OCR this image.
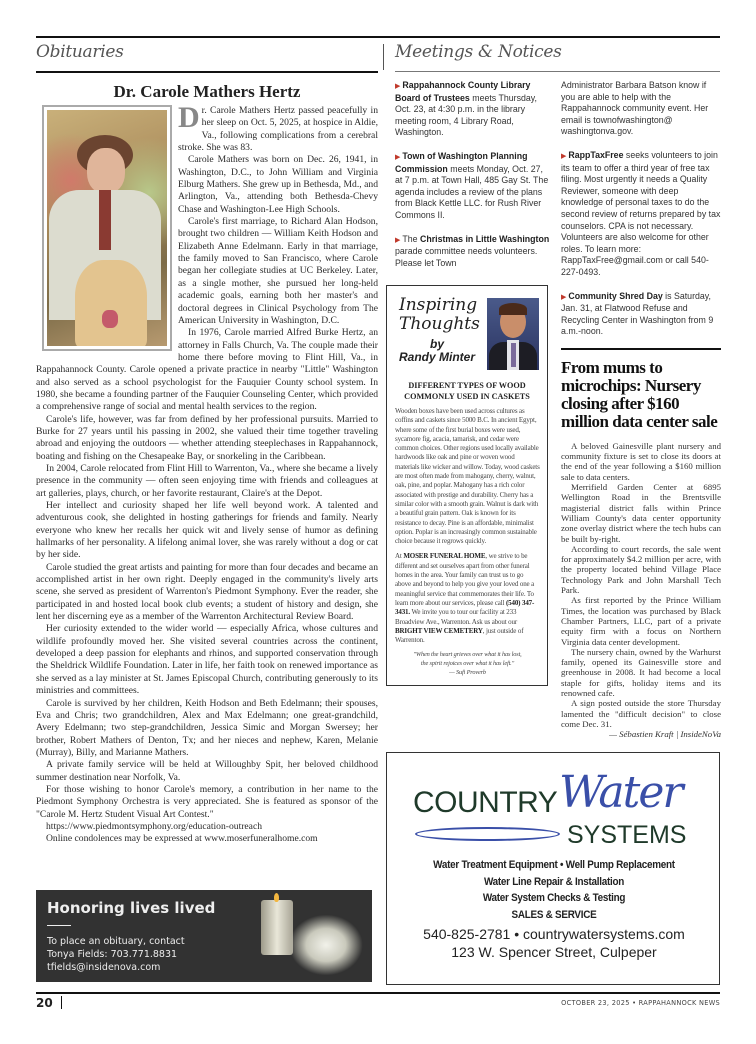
Obituaries
Dr. Carole Mathers Hertz

Dr. Carole Mathers Hertz passed peacefully in her sleep on Oct. 5, 2025, at hospice in Aldie, Va., following complications from a cerebral stroke. She was 83.

Carole Mathers was born on Dec. 26, 1941, in Washington, D.C., to John William and Virginia Elburg Mathers. She grew up in Bethesda, Md., and Arlington, Va., attending both Bethesda-Chevy Chase and Washington-Lee High Schools.

Carole's first marriage, to Richard Alan Hodson, brought two children — William Keith Hodson and Elizabeth Anne Edelmann. Early in that marriage, the family moved to San Francisco, where Carole began her collegiate studies at UC Berkeley. Later, as a single mother, she pursued her long-held academic goals, earning both her master's and doctoral degrees in Clinical Psychology from The American University in Washington, D.C.

In 1976, Carole married Alfred Burke Hertz, an attorney in Falls Church, Va. The couple made their home there before moving to Flint Hill, Va., in Rappahannock County. Carole opened a private practice in nearby "Little" Washington and also served as a school psychologist for the Fauquier County school system. In 1980, she became a founding partner of the Fauquier Counseling Center, which provided a comprehensive range of social and mental health services to the region.

Carole's life, however, was far from defined by her professional pursuits. Married to Burke for 27 years until his passing in 2002, she valued their time together traveling abroad and enjoying the outdoors — whether attending steeplechases in Rappahannock, boating and fishing on the Chesapeake Bay, or snorkeling in the Caribbean.

In 2004, Carole relocated from Flint Hill to Warrenton, Va., where she became a lively presence in the community — often seen enjoying time with friends and colleagues at art galleries, plays, church, or her favorite restaurant, Claire's at the Depot.

Her intellect and curiosity shaped her life well beyond work. A talented and adventurous cook, she delighted in hosting gatherings for friends and family. Nearly everyone who knew her recalls her quick wit and lively sense of humor as defining hallmarks of her personality. A lifelong animal lover, she was rarely without a dog or cat by her side.

Carole studied the great artists and painting for more than four decades and became an accomplished artist in her own right. Deeply engaged in the community's lively arts scene, she served as president of Warrenton's Piedmont Symphony. Ever the reader, she participated in and hosted local book club events; a student of history and design, she lent her discerning eye as a member of the Warrenton Architectural Review Board.

Her curiosity extended to the wider world — especially Africa, whose cultures and wildlife profoundly moved her. She visited several countries across the continent, developed a deep passion for elephants and rhinos, and supported conservation through the Sheldrick Wildlife Foundation. Later in life, her faith took on renewed importance as she served as a lay minister at St. James Episcopal Church, contributing generously to its ministries and committees.

Carole is survived by her children, Keith Hodson and Beth Edelmann; their spouses, Eva and Chris; two grandchildren, Alex and Max Edelmann; one great-grandchild, Avery Edelmann; two step-grandchildren, Jessica Simic and Morgan Swersey; her brother, Robert Mathers of Denton, Tx; and her nieces and nephew, Karen, Melanie (Murray), Billy, and Marianne Mathers.

A private family service will be held at Willoughby Spit, her beloved childhood summer destination near Norfolk, Va.

For those wishing to honor Carole's memory, a contribution in her name to the Piedmont Symphony Orchestra is very appreciated. She is featured as sponsor of the "Carole M. Hertz Student Visual Art Contest."

https://www.piedmontsymphony.org/education-outreach

Online condolences may be expressed at www.moserfuneralhome.com

Honoring lives lived
To place an obituary, contact
Tonya Fields: 703.771.8831
tfields@insidenova.com
Meetings & Notices
▶ Rappahannock County Library Board of Trustees meets Thursday, Oct. 23, at 4:30 p.m. in the library meeting room, 4 Library Road, Washington.
▶ Town of Washington Planning Commission meets Monday, Oct. 27, at 7 p.m. at Town Hall, 485 Gay St. The agenda includes a review of the plans from Black Kettle LLC. for Rush River Commons II.
▶ The Christmas in Little Washington parade committee needs volunteers. Please let Town
Administrator Barbara Batson know if you are able to help with the Rappahannock community event. Her email is townofwashington@ washingtonva.gov.
▶ RappTaxFree seeks volunteers to join its team to offer a third year of free tax filing. Most urgently it needs a Quality Reviewer, someone with deep knowledge of personal taxes to do the second review of returns prepared by tax counselors. CPA is not necessary. Volunteers are also welcome for other roles. To learn more: RappTaxFree@gmail.com or call 540-227-0493.
▶ Community Shred Day is Saturday, Jan. 31, at Flatwood Refuse and Recycling Center in Washington from 9 a.m.-noon.
From mums to microchips: Nursery closing after $160 million data center sale

A beloved Gainesville plant nursery and community fixture is set to close its doors at the end of the year following a $160 million sale to data centers.

Merrifield Garden Center at 6895 Wellington Road in the Brentsville magisterial district falls within Prince William County's data center opportunity zone overlay district where the tech hubs can be built by-right.

According to court records, the sale went for approximately $4.2 million per acre, with the property located behind Village Place Technology Park and John Marshall Tech Park.

As first reported by the Prince William Times, the location was purchased by Black Chamber Partners, LLC, part of a private equity firm with a focus on Northern Virginia data center development.

The nursery chain, owned by the Warhurst family, opened its Gainesville store and greenhouse in 2008. It had become a local staple for gifts, holiday items and its renowned cafe.

A sign posted outside the store Thursday lamented the "difficult decision" to close come Dec. 31.

— Sébastien Kraft | InsideNoVa
Inspiring
Thoughts
by
Randy Minter
DIFFERENT TYPES OF WOOD COMMONLY USED IN CASKETS

Wooden boxes have been used across cultures as coffins and caskets since 5000 B.C. In ancient Egypt, where some of the first burial boxes were used, sycamore fig, acacia, tamarisk, and cedar were common choices. Other regions used locally available hardwoods like oak and pine or woven wood materials like wicker and willow. Today, wood caskets are most often made from mahogany, cherry, walnut, oak, pine, and poplar. Mahogany has a rich color associated with prestige and durability. Cherry has a similar color with a smooth grain. Walnut is dark with a beautiful grain pattern. Oak is known for its resistance to decay. Pine is an affordable, minimalist option. Poplar is an increasingly common sustainable choice because it regrows quickly.

At MOSER FUNERAL HOME, we strive to be different and set ourselves apart from other funeral homes in the area. Your family can trust us to go above and beyond to help you give your loved one a meaningful service that commemorates their life. To learn more about our services, please call (540) 347-3431. We invite you to tour our facility at 233 Broadview Ave., Warrenton. Ask us about our BRIGHT VIEW CEMETERY, just outside of Warrenton.

"When the heart grieves over what it has lost,
the spirit rejoices over what it has left."
— Sufi Proverb
COUNTRY Water
SYSTEMS
Water Treatment Equipment • Well Pump Replacement
Water Line Repair & Installation
Water System Checks & Testing
SALES & SERVICE
540-825-2781 • countrywatersystems.com
123 W. Spencer Street, Culpeper
20	OCTOBER 23, 2025 • RAPPAHANNOCK NEWS
